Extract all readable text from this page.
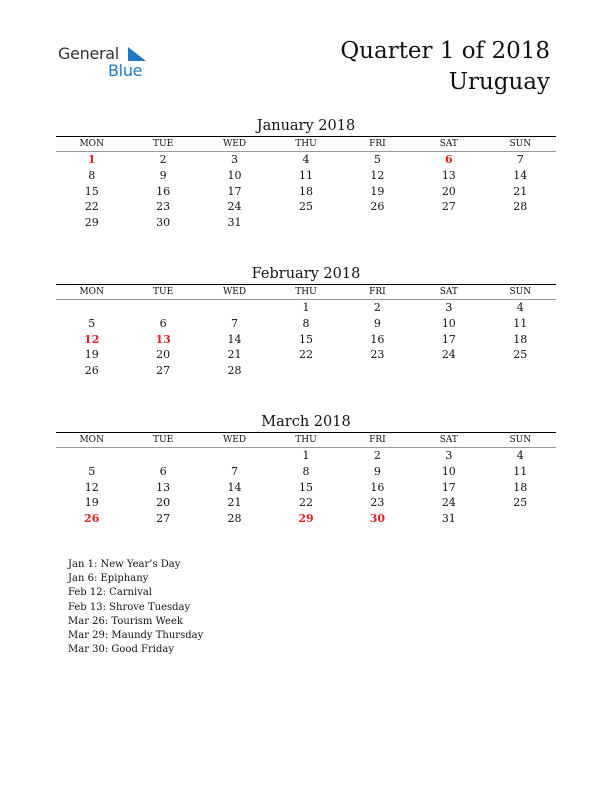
General
Blue
Quarter 1 of 2018
Uruguay
January 2018
MON	TUE	WED	THU	FRI	SAT	SUN
1	2	3	4	5	6	7
8	9	10	11	12	13	14
15	16	17	18	19	20	21
22	23	24	25	26	27	28
29	30	31				
February 2018
MON	TUE	WED	THU	FRI	SAT	SUN
			1	2	3	4
5	6	7	8	9	10	11
12	13	14	15	16	17	18
19	20	21	22	23	24	25
26	27	28				
March 2018
MON	TUE	WED	THU	FRI	SAT	SUN
			1	2	3	4
5	6	7	8	9	10	11
12	13	14	15	16	17	18
19	20	21	22	23	24	25
26	27	28	29	30	31	
Jan 1: New Year’s Day
Jan 6: Epiphany
Feb 12: Carnival
Feb 13: Shrove Tuesday
Mar 26: Tourism Week
Mar 29: Maundy Thursday
Mar 30: Good Friday
